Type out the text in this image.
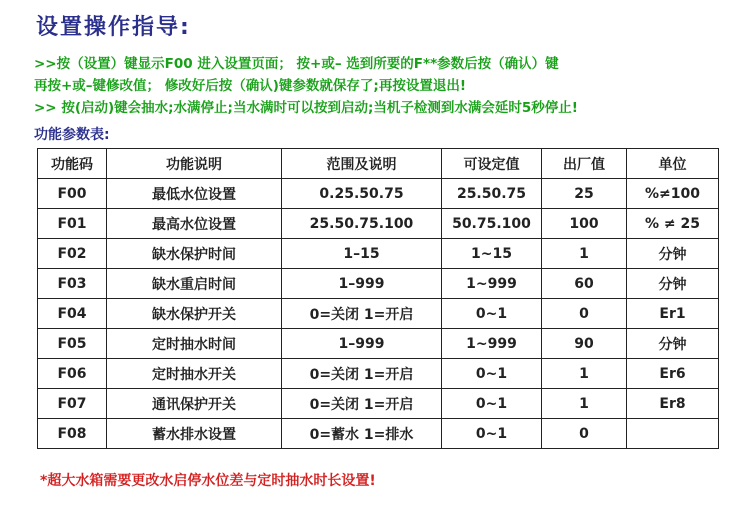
设置操作指导:
>>按（设置）键显示F00 进入设置页面； 按+或– 选到所要的F**参数后按（确认）键
再按+或–键修改值； 修改好后按（确认)键参数就保存了;再按设置退出!
>> 按(启动)键会抽水;水满停止;当水满时可以按到启动;当机子检测到水满会延时5秒停止!
功能参数表:
功能码	功能说明	范围及说明	可设定值	出厂值	单位
F00	最低水位设置	0.25.50.75	25.50.75	25	%≠100
F01	最高水位设置	25.50.75.100	50.75.100	100	% ≠ 25
F02	缺水保护时间	1–15	1~15	1	分钟
F03	缺水重启时间	1–999	1~999	60	分钟
F04	缺水保护开关	0=关闭 1=开启	0~1	0	Er1
F05	定时抽水时间	1–999	1~999	90	分钟
F06	定时抽水开关	0=关闭 1=开启	0~1	1	Er6
F07	通讯保护开关	0=关闭 1=开启	0~1	1	Er8
F08	蓄水排水设置	0=蓄水 1=排水	0~1	0	
*超大水箱需要更改水启停水位差与定时抽水时长设置!
